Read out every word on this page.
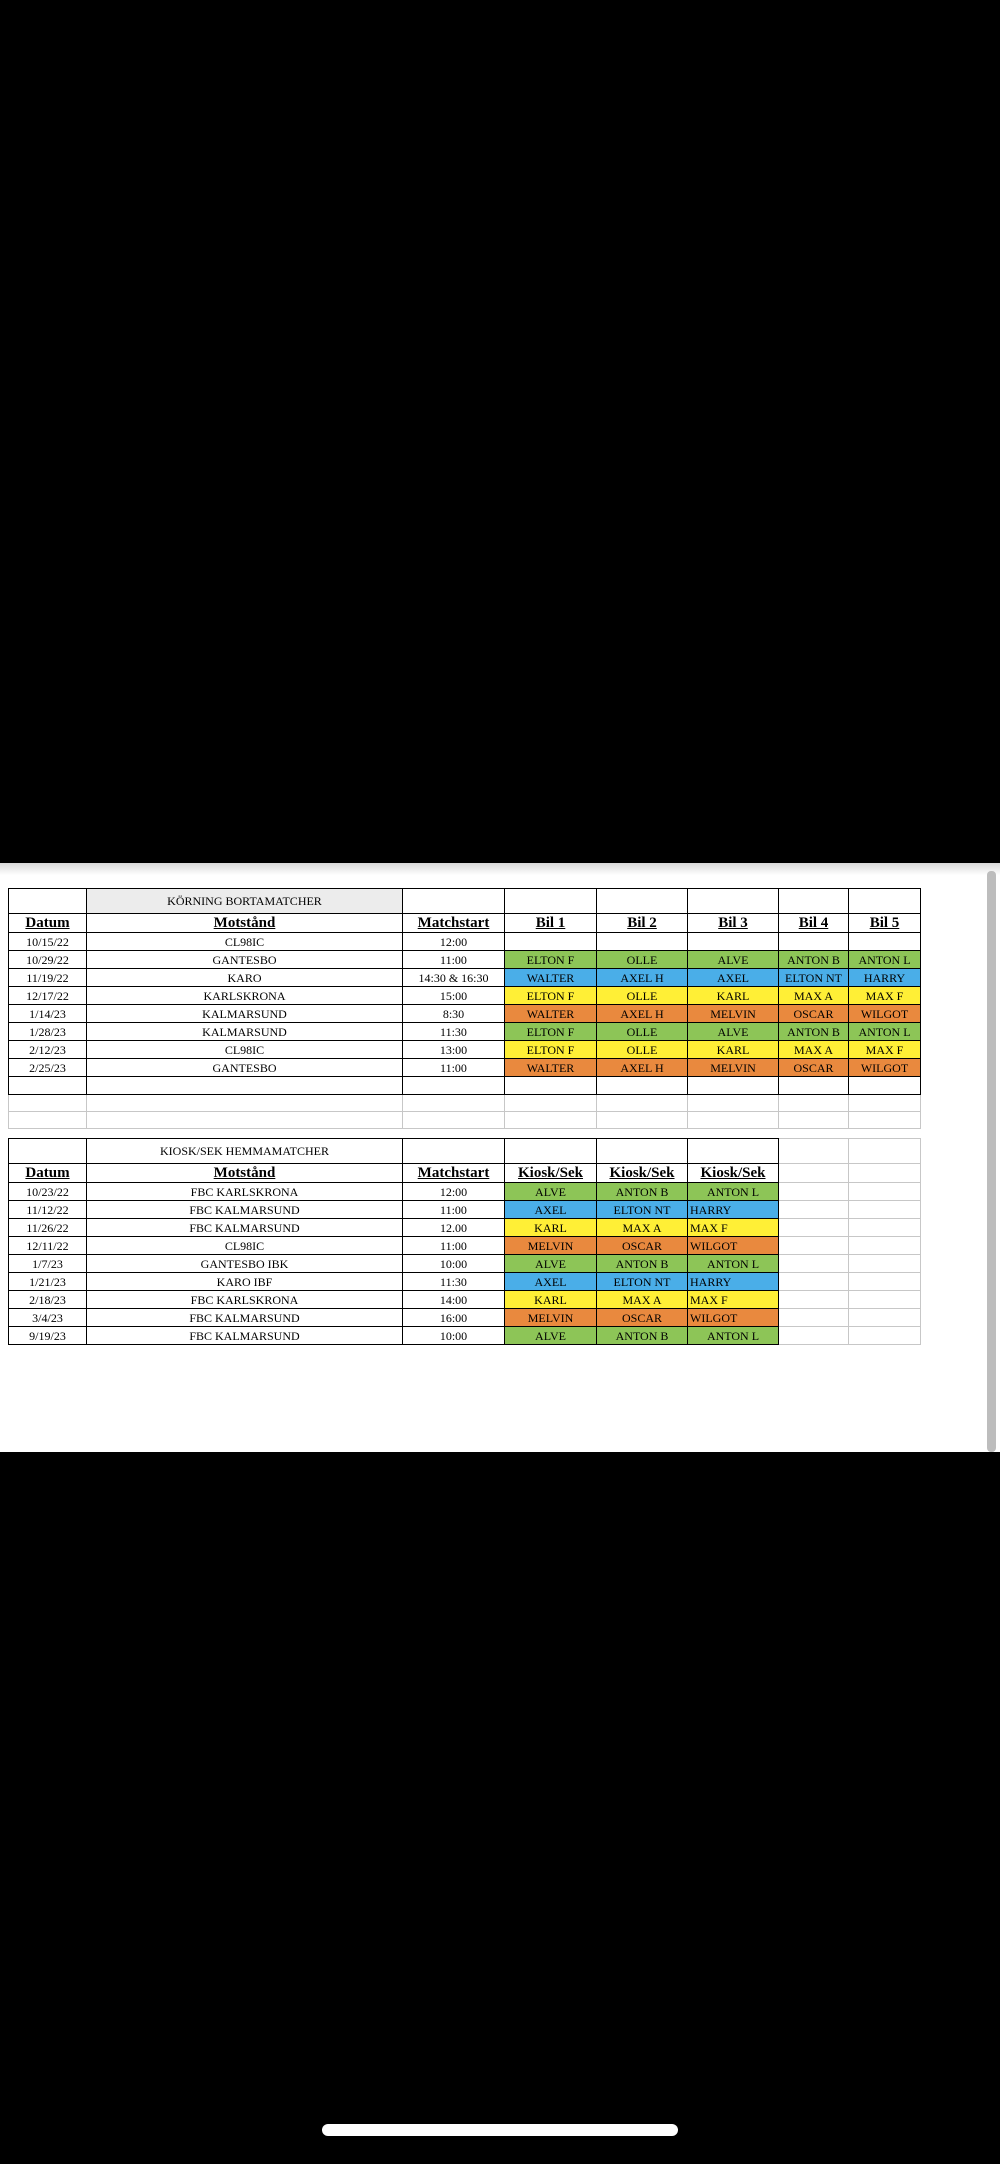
	KÖRNING BORTAMATCHER						
Datum	Motstånd	Matchstart	Bil 1	Bil 2	Bil 3	Bil 4	Bil 5
10/15/22	CL98IC	12:00					
10/29/22	GANTESBO	11:00	ELTON F	OLLE	ALVE	ANTON B	ANTON L
11/19/22	KARO	14:30 & 16:30	WALTER	AXEL H	AXEL	ELTON NT	HARRY
12/17/22	KARLSKRONA	15:00	ELTON F	OLLE	KARL	MAX A	MAX F
1/14/23	KALMARSUND	8:30	WALTER	AXEL H	MELVIN	OSCAR	WILGOT
1/28/23	KALMARSUND	11:30	ELTON F	OLLE	ALVE	ANTON B	ANTON L
2/12/23	CL98IC	13:00	ELTON F	OLLE	KARL	MAX A	MAX F
2/25/23	GANTESBO	11:00	WALTER	AXEL H	MELVIN	OSCAR	WILGOT

	KIOSK/SEK HEMMAMATCHER						
Datum	Motstånd	Matchstart	Kiosk/Sek	Kiosk/Sek	Kiosk/Sek		
10/23/22	FBC KARLSKRONA	12:00	ALVE	ANTON B	ANTON L		
11/12/22	FBC KALMARSUND	11:00	AXEL	ELTON NT	HARRY		
11/26/22	FBC KALMARSUND	12.00	KARL	MAX A	MAX F		
12/11/22	CL98IC	11:00	MELVIN	OSCAR	WILGOT		
1/7/23	GANTESBO IBK	10:00	ALVE	ANTON B	ANTON L		
1/21/23	KARO IBF	11:30	AXEL	ELTON NT	HARRY		
2/18/23	FBC KARLSKRONA	14:00	KARL	MAX A	MAX F		
3/4/23	FBC KALMARSUND	16:00	MELVIN	OSCAR	WILGOT		
9/19/23	FBC KALMARSUND	10:00	ALVE	ANTON B	ANTON L		
